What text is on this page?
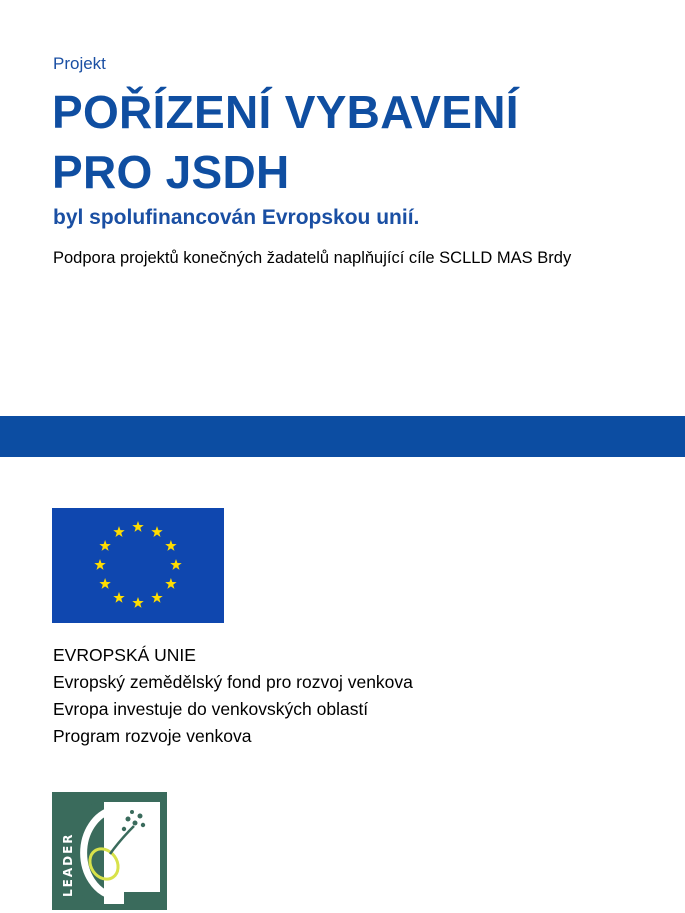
Projekt
POŘÍZENÍ VYBAVENÍ
PRO JSDH
byl spolufinancován Evropskou unií.
Podpora projektů konečných žadatelů naplňující cíle SCLLD MAS Brdy
EVROPSKÁ UNIE
Evropský zemědělský fond pro rozvoj venkova
Evropa investuje do venkovských oblastí
Program rozvoje venkova
LEADER
